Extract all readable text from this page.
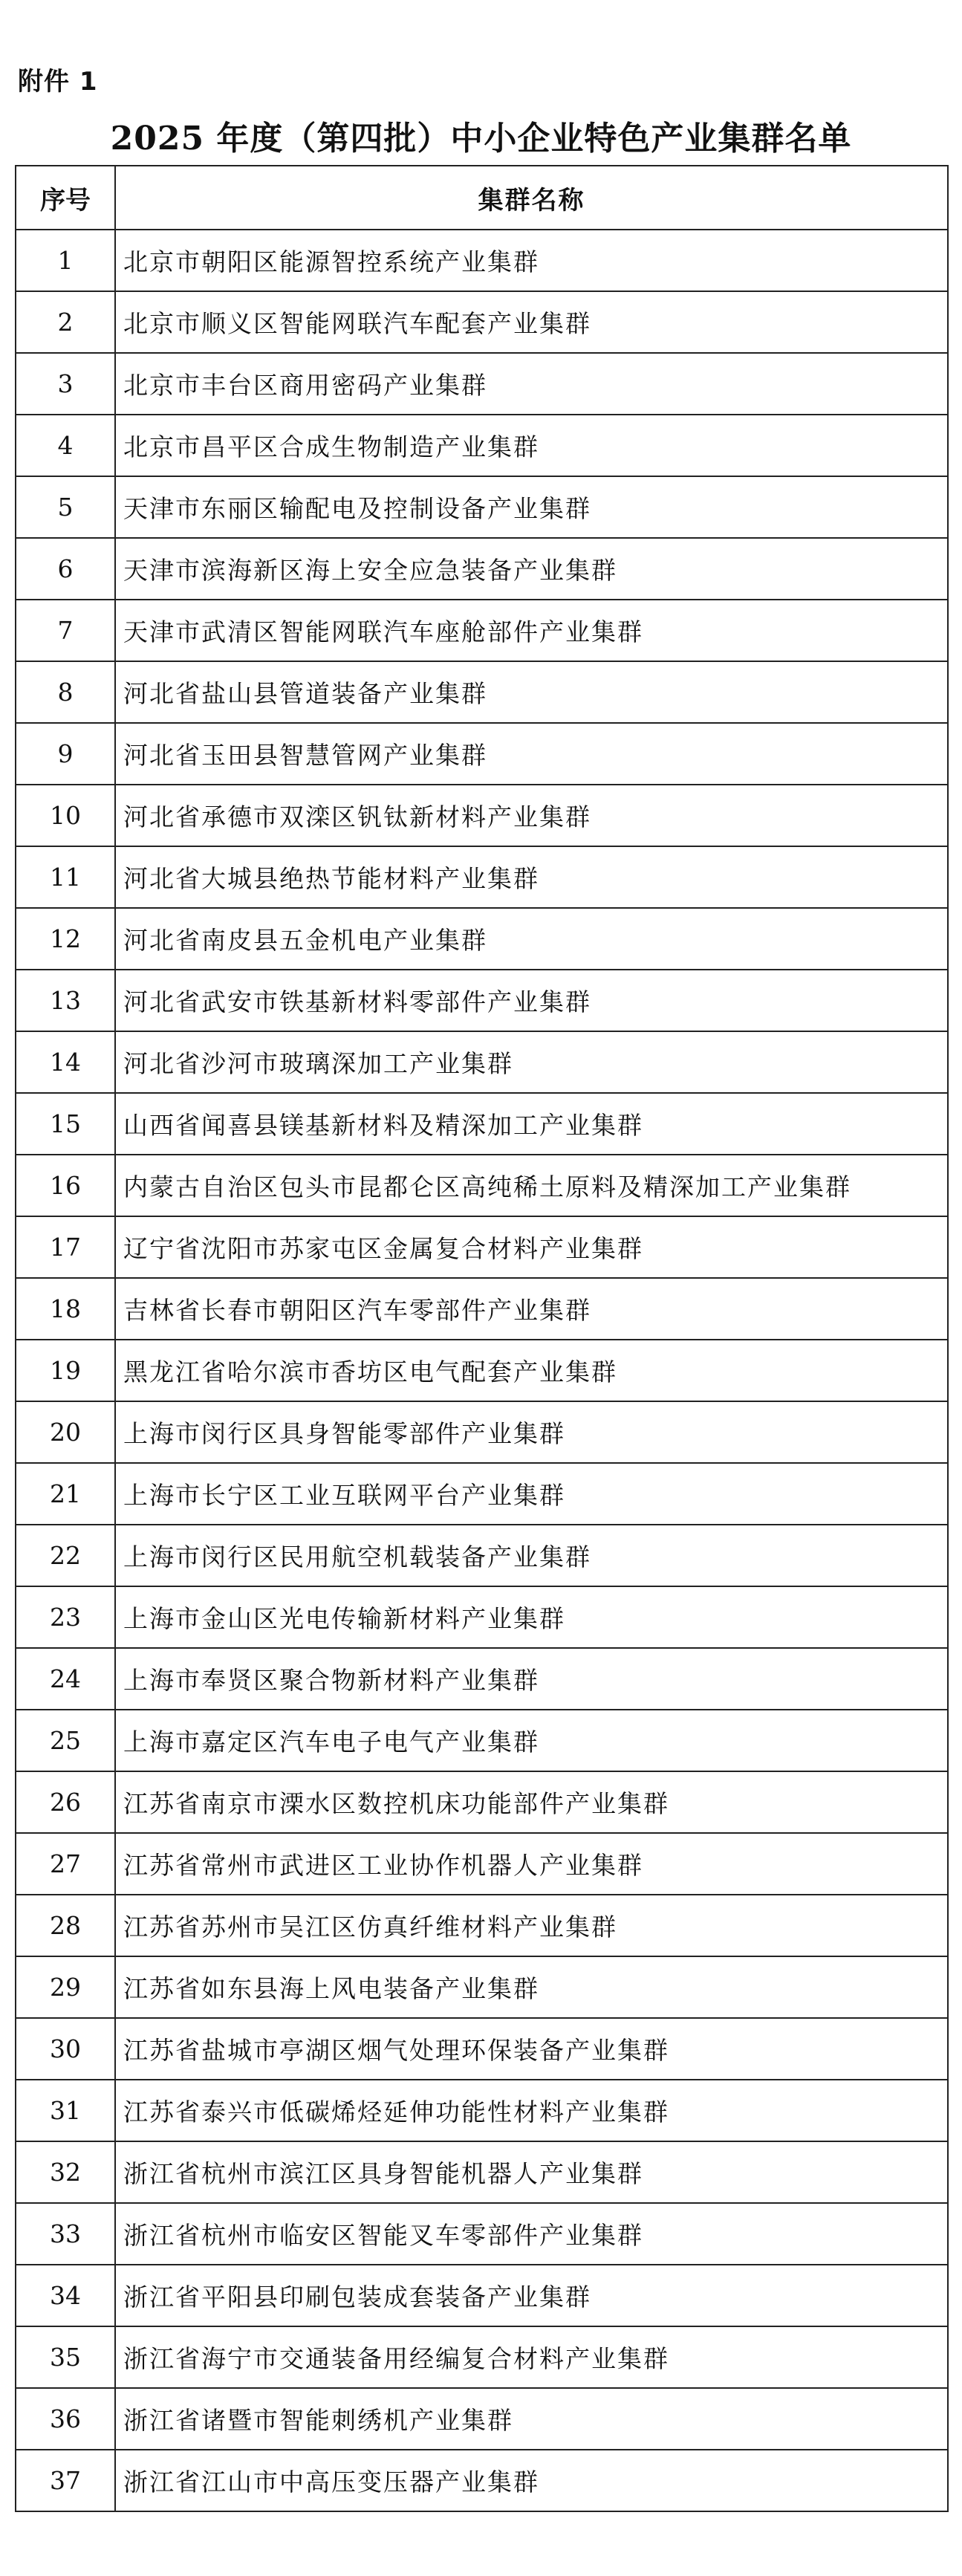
附件 1
2025 年度（第四批）中小企业特色产业集群名单
序号	集群名称
1	北京市朝阳区能源智控系统产业集群
2	北京市顺义区智能网联汽车配套产业集群
3	北京市丰台区商用密码产业集群
4	北京市昌平区合成生物制造产业集群
5	天津市东丽区输配电及控制设备产业集群
6	天津市滨海新区海上安全应急装备产业集群
7	天津市武清区智能网联汽车座舱部件产业集群
8	河北省盐山县管道装备产业集群
9	河北省玉田县智慧管网产业集群
10	河北省承德市双滦区钒钛新材料产业集群
11	河北省大城县绝热节能材料产业集群
12	河北省南皮县五金机电产业集群
13	河北省武安市铁基新材料零部件产业集群
14	河北省沙河市玻璃深加工产业集群
15	山西省闻喜县镁基新材料及精深加工产业集群
16	内蒙古自治区包头市昆都仑区高纯稀土原料及精深加工产业集群
17	辽宁省沈阳市苏家屯区金属复合材料产业集群
18	吉林省长春市朝阳区汽车零部件产业集群
19	黑龙江省哈尔滨市香坊区电气配套产业集群
20	上海市闵行区具身智能零部件产业集群
21	上海市长宁区工业互联网平台产业集群
22	上海市闵行区民用航空机载装备产业集群
23	上海市金山区光电传输新材料产业集群
24	上海市奉贤区聚合物新材料产业集群
25	上海市嘉定区汽车电子电气产业集群
26	江苏省南京市溧水区数控机床功能部件产业集群
27	江苏省常州市武进区工业协作机器人产业集群
28	江苏省苏州市吴江区仿真纤维材料产业集群
29	江苏省如东县海上风电装备产业集群
30	江苏省盐城市亭湖区烟气处理环保装备产业集群
31	江苏省泰兴市低碳烯烃延伸功能性材料产业集群
32	浙江省杭州市滨江区具身智能机器人产业集群
33	浙江省杭州市临安区智能叉车零部件产业集群
34	浙江省平阳县印刷包装成套装备产业集群
35	浙江省海宁市交通装备用经编复合材料产业集群
36	浙江省诸暨市智能刺绣机产业集群
37	浙江省江山市中高压变压器产业集群
